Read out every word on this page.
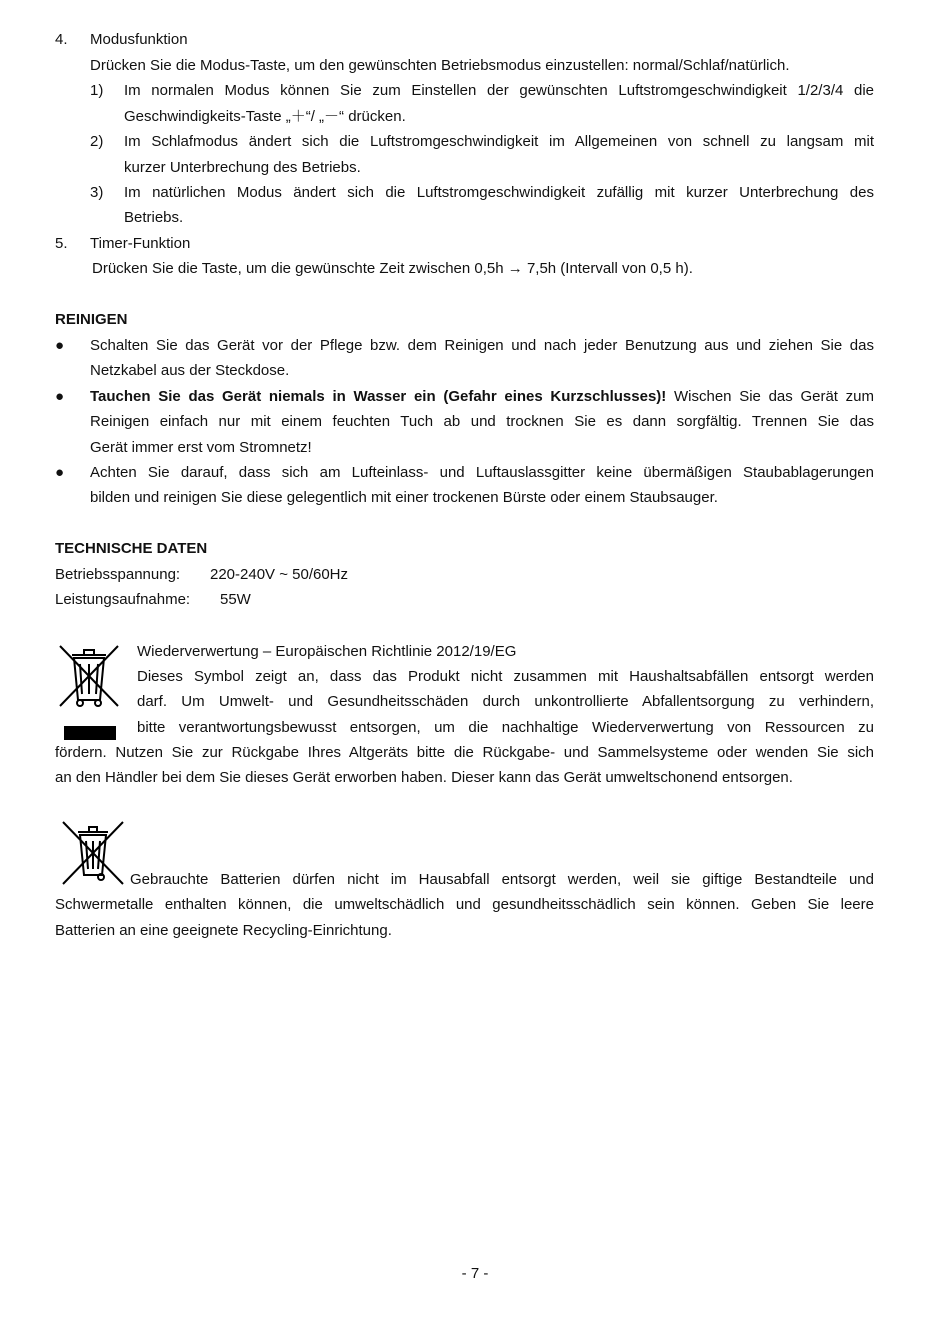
4. Modusfunktion
Drücken Sie die Modus-Taste, um den gewünschten Betriebsmodus einzustellen: normal/Schlaf/natürlich.
1) Im normalen Modus können Sie zum Einstellen der gewünschten Luftstromgeschwindigkeit 1/2/3/4 die
Geschwindigkeits-Taste „＋“/ „－“ drücken.
2) Im Schlafmodus ändert sich die Luftstromgeschwindigkeit im Allgemeinen von schnell zu langsam mit
kurzer Unterbrechung des Betriebs.
3) Im natürlichen Modus ändert sich die Luftstromgeschwindigkeit zufällig mit kurzer Unterbrechung des
Betriebs.
5. Timer-Funktion
Drücken Sie die Taste, um die gewünschte Zeit zwischen 0,5h → 7,5h (Intervall von 0,5 h).
REINIGEN
● Schalten Sie das Gerät vor der Pflege bzw. dem Reinigen und nach jeder Benutzung aus und ziehen Sie das
Netzkabel aus der Steckdose.
● Tauchen Sie das Gerät niemals in Wasser ein (Gefahr eines Kurzschlusses)! Wischen Sie das Gerät zum
Reinigen einfach nur mit einem feuchten Tuch ab und trocknen Sie es dann sorgfältig. Trennen Sie das
Gerät immer erst vom Stromnetz!
● Achten Sie darauf, dass sich am Lufteinlass- und Luftauslassgitter keine übermäßigen Staubablagerungen
bilden und reinigen Sie diese gelegentlich mit einer trockenen Bürste oder einem Staubsauger.
TECHNISCHE DATEN
Betriebsspannung: 220-240V ~ 50/60Hz
Leistungsaufnahme: 55W
Wiederverwertung – Europäischen Richtlinie 2012/19/EG
Dieses Symbol zeigt an, dass das Produkt nicht zusammen mit Haushaltsabfällen entsorgt werden
darf. Um Umwelt- und Gesundheitsschäden durch unkontrollierte Abfallentsorgung zu verhindern,
bitte verantwortungsbewusst entsorgen, um die nachhaltige Wiederverwertung von Ressourcen zu
fördern. Nutzen Sie zur Rückgabe Ihres Altgeräts bitte die Rückgabe- und Sammelsysteme oder wenden Sie sich
an den Händler bei dem Sie dieses Gerät erworben haben. Dieser kann das Gerät umweltschonend entsorgen.
Gebrauchte Batterien dürfen nicht im Hausabfall entsorgt werden, weil sie giftige Bestandteile und
Schwermetalle enthalten können, die umweltschädlich und gesundheitsschädlich sein können. Geben Sie leere
Batterien an eine geeignete Recycling-Einrichtung.
- 7 -
